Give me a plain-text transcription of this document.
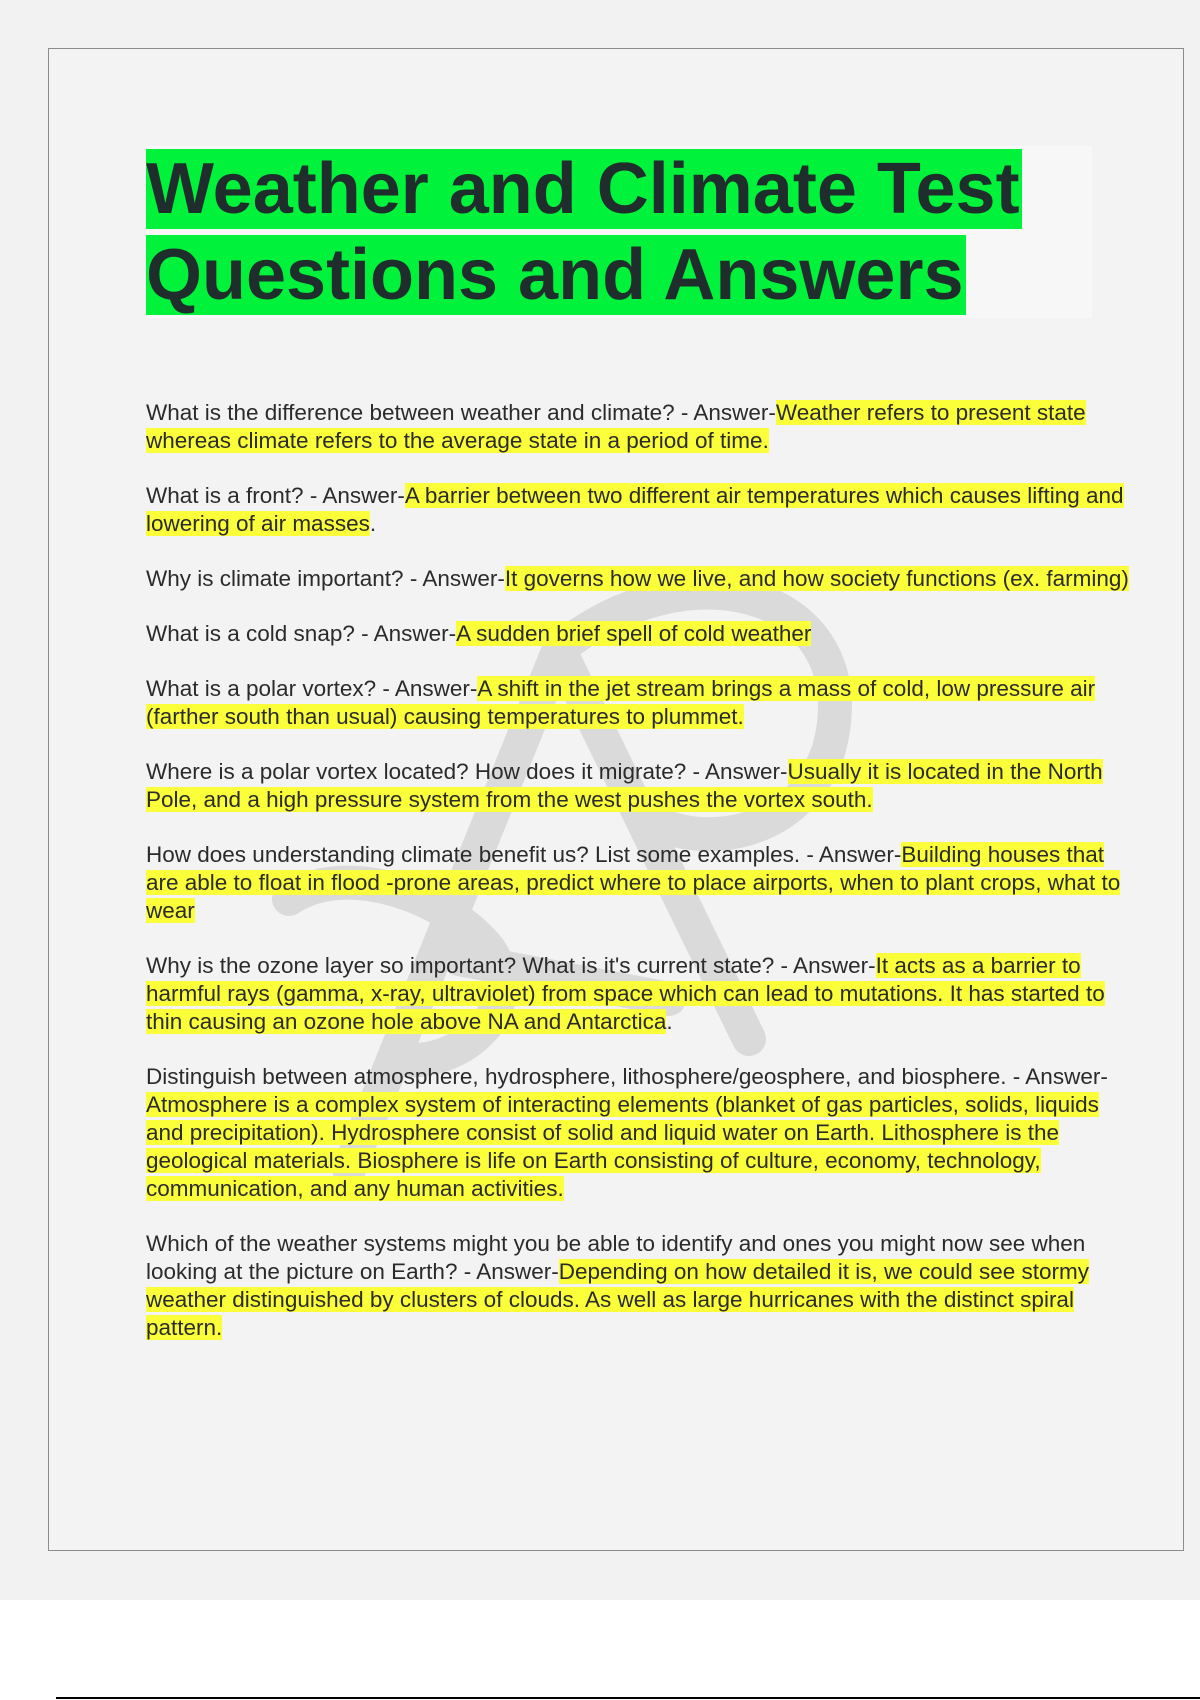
Weather and Climate Test
Questions and Answers

What is the difference between weather and climate? - Answer-Weather refers to present state whereas climate refers to the average state in a period of time.

What is a front? - Answer-A barrier between two different air temperatures which causes lifting and lowering of air masses.

Why is climate important? - Answer-It governs how we live, and how society functions (ex. farming)

What is a cold snap? - Answer-A sudden brief spell of cold weather

What is a polar vortex? - Answer-A shift in the jet stream brings a mass of cold, low pressure air (farther south than usual) causing temperatures to plummet.

Where is a polar vortex located? How does it migrate? - Answer-Usually it is located in the North Pole, and a high pressure system from the west pushes the vortex south.

How does understanding climate benefit us? List some examples. - Answer-Building houses that are able to float in flood -prone areas, predict where to place airports, when to plant crops, what to wear

Why is the ozone layer so important? What is it's current state? - Answer-It acts as a barrier to harmful rays (gamma, x-ray, ultraviolet) from space which can lead to mutations. It has started to thin causing an ozone hole above NA and Antarctica.

Distinguish between atmosphere, hydrosphere, lithosphere/geosphere, and biosphere. - Answer-Atmosphere is a complex system of interacting elements (blanket of gas particles, solids, liquids and precipitation). Hydrosphere consist of solid and liquid water on Earth. Lithosphere is the geological materials. Biosphere is life on Earth consisting of culture, economy, technology, communication, and any human activities.

Which of the weather systems might you be able to identify and ones you might now see when looking at the picture on Earth? - Answer-Depending on how detailed it is, we could see stormy weather distinguished by clusters of clouds. As well as large hurricanes with the distinct spiral pattern.
